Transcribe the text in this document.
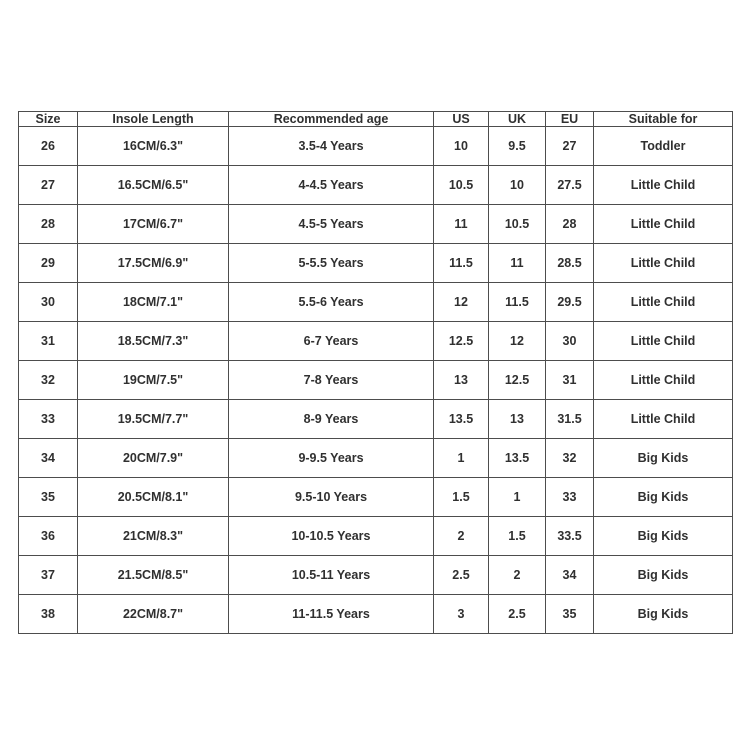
Size	Insole Length	Recommended age	US	UK	EU	Suitable for
26	16CM/6.3"	3.5-4 Years	10	9.5	27	Toddler
27	16.5CM/6.5"	4-4.5 Years	10.5	10	27.5	Little Child
28	17CM/6.7"	4.5-5 Years	11	10.5	28	Little Child
29	17.5CM/6.9"	5-5.5 Years	11.5	11	28.5	Little Child
30	18CM/7.1"	5.5-6 Years	12	11.5	29.5	Little Child
31	18.5CM/7.3"	6-7 Years	12.5	12	30	Little Child
32	19CM/7.5"	7-8 Years	13	12.5	31	Little Child
33	19.5CM/7.7"	8-9 Years	13.5	13	31.5	Little Child
34	20CM/7.9"	9-9.5 Years	1	13.5	32	Big Kids
35	20.5CM/8.1"	9.5-10 Years	1.5	1	33	Big Kids
36	21CM/8.3"	10-10.5 Years	2	1.5	33.5	Big Kids
37	21.5CM/8.5"	10.5-11 Years	2.5	2	34	Big Kids
38	22CM/8.7"	11-11.5 Years	3	2.5	35	Big Kids
